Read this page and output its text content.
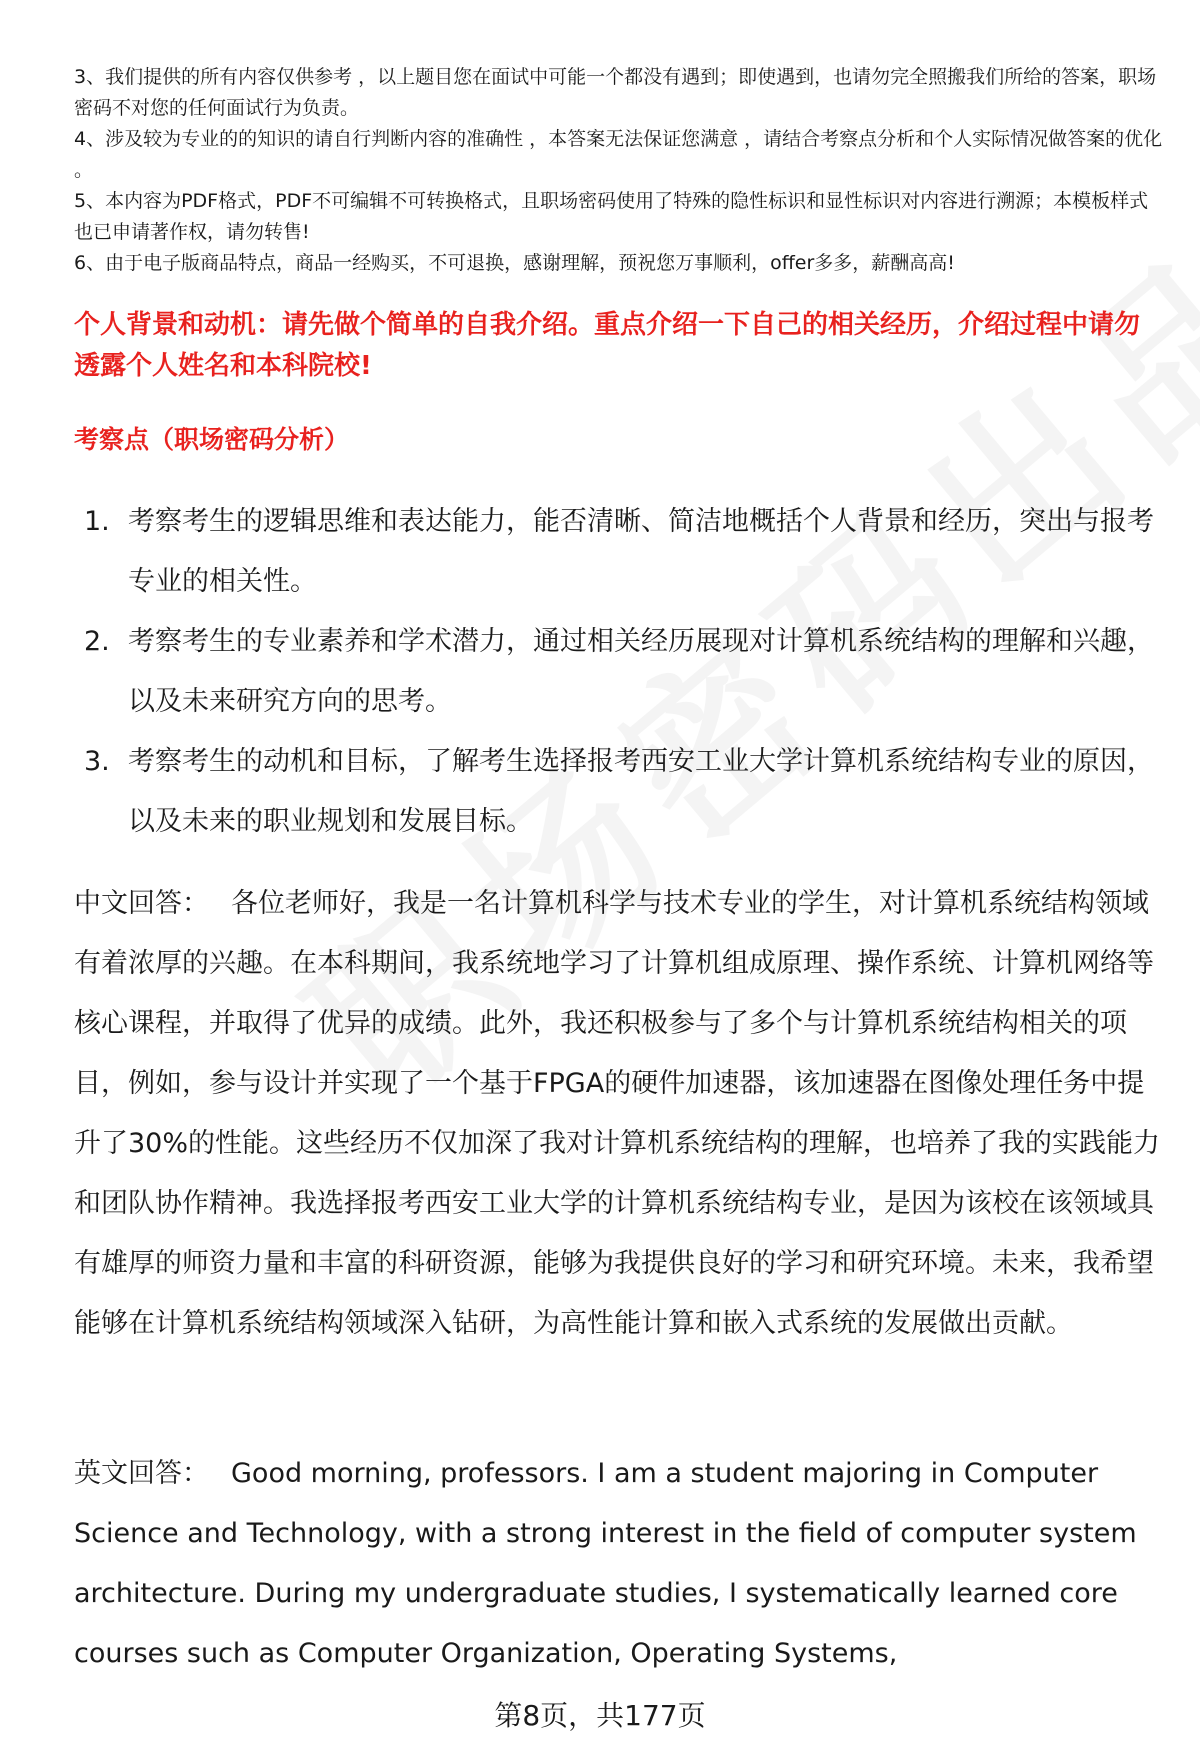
3、我们提供的所有内容仅供参考 ，以上题目您在面试中可能一个都没有遇到；即使遇到，也请勿完全照搬我们所给的答案，职场密码不对您的任何面试行为负责。

4、涉及较为专业的的知识的请自行判断内容的准确性 ，本答案无法保证您满意 ，请结合考察点分析和个人实际情况做答案的优化 。

5、本内容为PDF格式，PDF不可编辑不可转换格式，且职场密码使用了特殊的隐性标识和显性标识对内容进行溯源；本模板样式也已申请著作权，请勿转售!

6、由于电子版商品特点，商品一经购买，不可退换，感谢理解，预祝您万事顺利，offer多多，薪酬高高!

个人背景和动机：请先做个简单的自我介绍。重点介绍一下自己的相关经历，介绍过程中请勿透露个人姓名和本科院校!
考察点（职场密码分析）
1. 考察考生的逻辑思维和表达能力，能否清晰、简洁地概括个人背景和经历，突出与报考专业的相关性。
2. 考察考生的专业素养和学术潜力，通过相关经历展现对计算机系统结构的理解和兴趣，以及未来研究方向的思考。
3. 考察考生的动机和目标，了解考生选择报考西安工业大学计算机系统结构专业的原因，以及未来的职业规划和发展目标。

中文回答： 各位老师好，我是一名计算机科学与技术专业的学生，对计算机系统结构领域有着浓厚的兴趣。在本科期间，我系统地学习了计算机组成原理、操作系统、计算机网络等核心课程，并取得了优异的成绩。此外，我还积极参与了多个与计算机系统结构相关的项目，例如，参与设计并实现了一个基于FPGA的硬件加速器，该加速器在图像处理任务中提升了30%的性能。这些经历不仅加深了我对计算机系统结构的理解，也培养了我的实践能力和团队协作精神。我选择报考西安工业大学的计算机系统结构专业，是因为该校在该领域具有雄厚的师资力量和丰富的科研资源，能够为我提供良好的学习和研究环境。未来，我希望能够在计算机系统结构领域深入钻研，为高性能计算和嵌入式系统的发展做出贡献。

英文回答： Good morning, professors. I am a student majoring in Computer Science and Technology, with a strong interest in the field of computer system architecture. During my undergraduate studies, I systematically learned core courses such as Computer Organization, Operating Systems,

第8页，共177页
